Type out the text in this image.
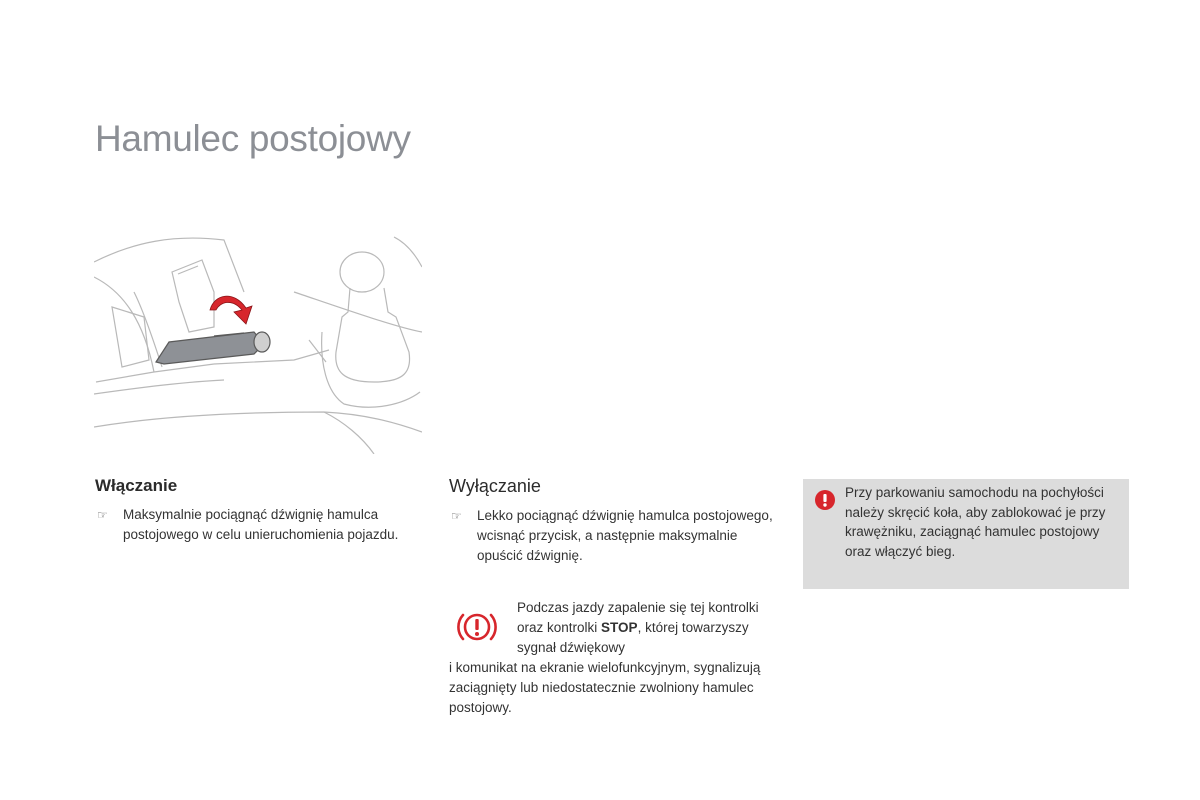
Hamulec postojowy
Włączanie
☞ Maksymalnie pociągnąć dźwignię hamulca postojowego w celu unieruchomienia pojazdu.
Wyłączanie
☞ Lekko pociągnąć dźwignię hamulca postojowego, wcisnąć przycisk, a następnie maksymalnie opuścić dźwignię.
Podczas jazdy zapalenie się tej kontrolki oraz kontrolki STOP, której towarzyszy sygnał dźwiękowy
i komunikat na ekranie wielofunkcyjnym, sygnalizują zaciągnięty lub niedostatecznie zwolniony hamulec postojowy.
Przy parkowaniu samochodu na pochyłości należy skręcić koła, aby zablokować je przy krawężniku, zaciągnąć hamulec postojowy oraz włączyć bieg.
